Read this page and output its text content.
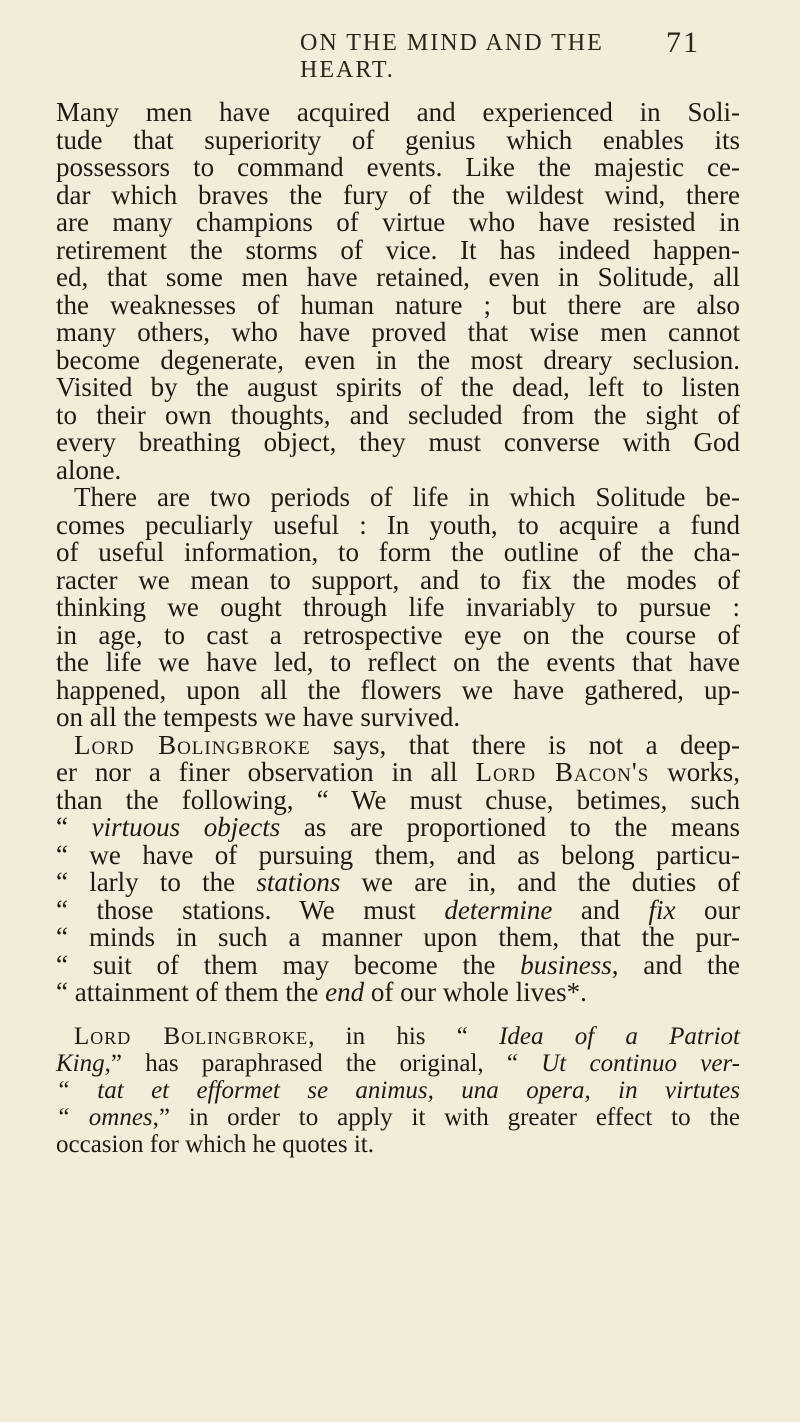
ON THE MIND AND THE HEART.
71
Many men have acquired and experienced in Soli-
tude that superiority of genius which enables its
possessors to command events. Like the majestic ce-
dar which braves the fury of the wildest wind, there
are many champions of virtue who have resisted in
retirement the storms of vice. It has indeed happen-
ed, that some men have retained, even in Solitude, all
the weaknesses of human nature ; but there are also
many others, who have proved that wise men cannot
become degenerate, even in the most dreary seclusion.
Visited by the august spirits of the dead, left to listen
to their own thoughts, and secluded from the sight of
every breathing object, they must converse with God
alone.
There are two periods of life in which Solitude be-
comes peculiarly useful : In youth, to acquire a fund
of useful information, to form the outline of the cha-
racter we mean to support, and to fix the modes of
thinking we ought through life invariably to pursue :
in age, to cast a retrospective eye on the course of
the life we have led, to reflect on the events that have
happened, upon all the flowers we have gathered, up-
on all the tempests we have survived.
Lord Bolingbroke says, that there is not a deep-
er nor a finer observation in all Lord Bacon's works,
than the following, “ We must chuse, betimes, such
“ virtuous objects as are proportioned to the means
“ we have of pursuing them, and as belong particu-
“ larly to the stations we are in, and the duties of
“ those stations. We must determine and fix our
“ minds in such a manner upon them, that the pur-
“ suit of them may become the business, and the
“ attainment of them the end of our whole lives*.
Lord Bolingbroke, in his “ Idea of a Patriot
King,” has paraphrased the original, “ Ut continuo ver-
“ tat et efformet se animus, una opera, in virtutes
“ omnes,” in order to apply it with greater effect to the
occasion for which he quotes it.
